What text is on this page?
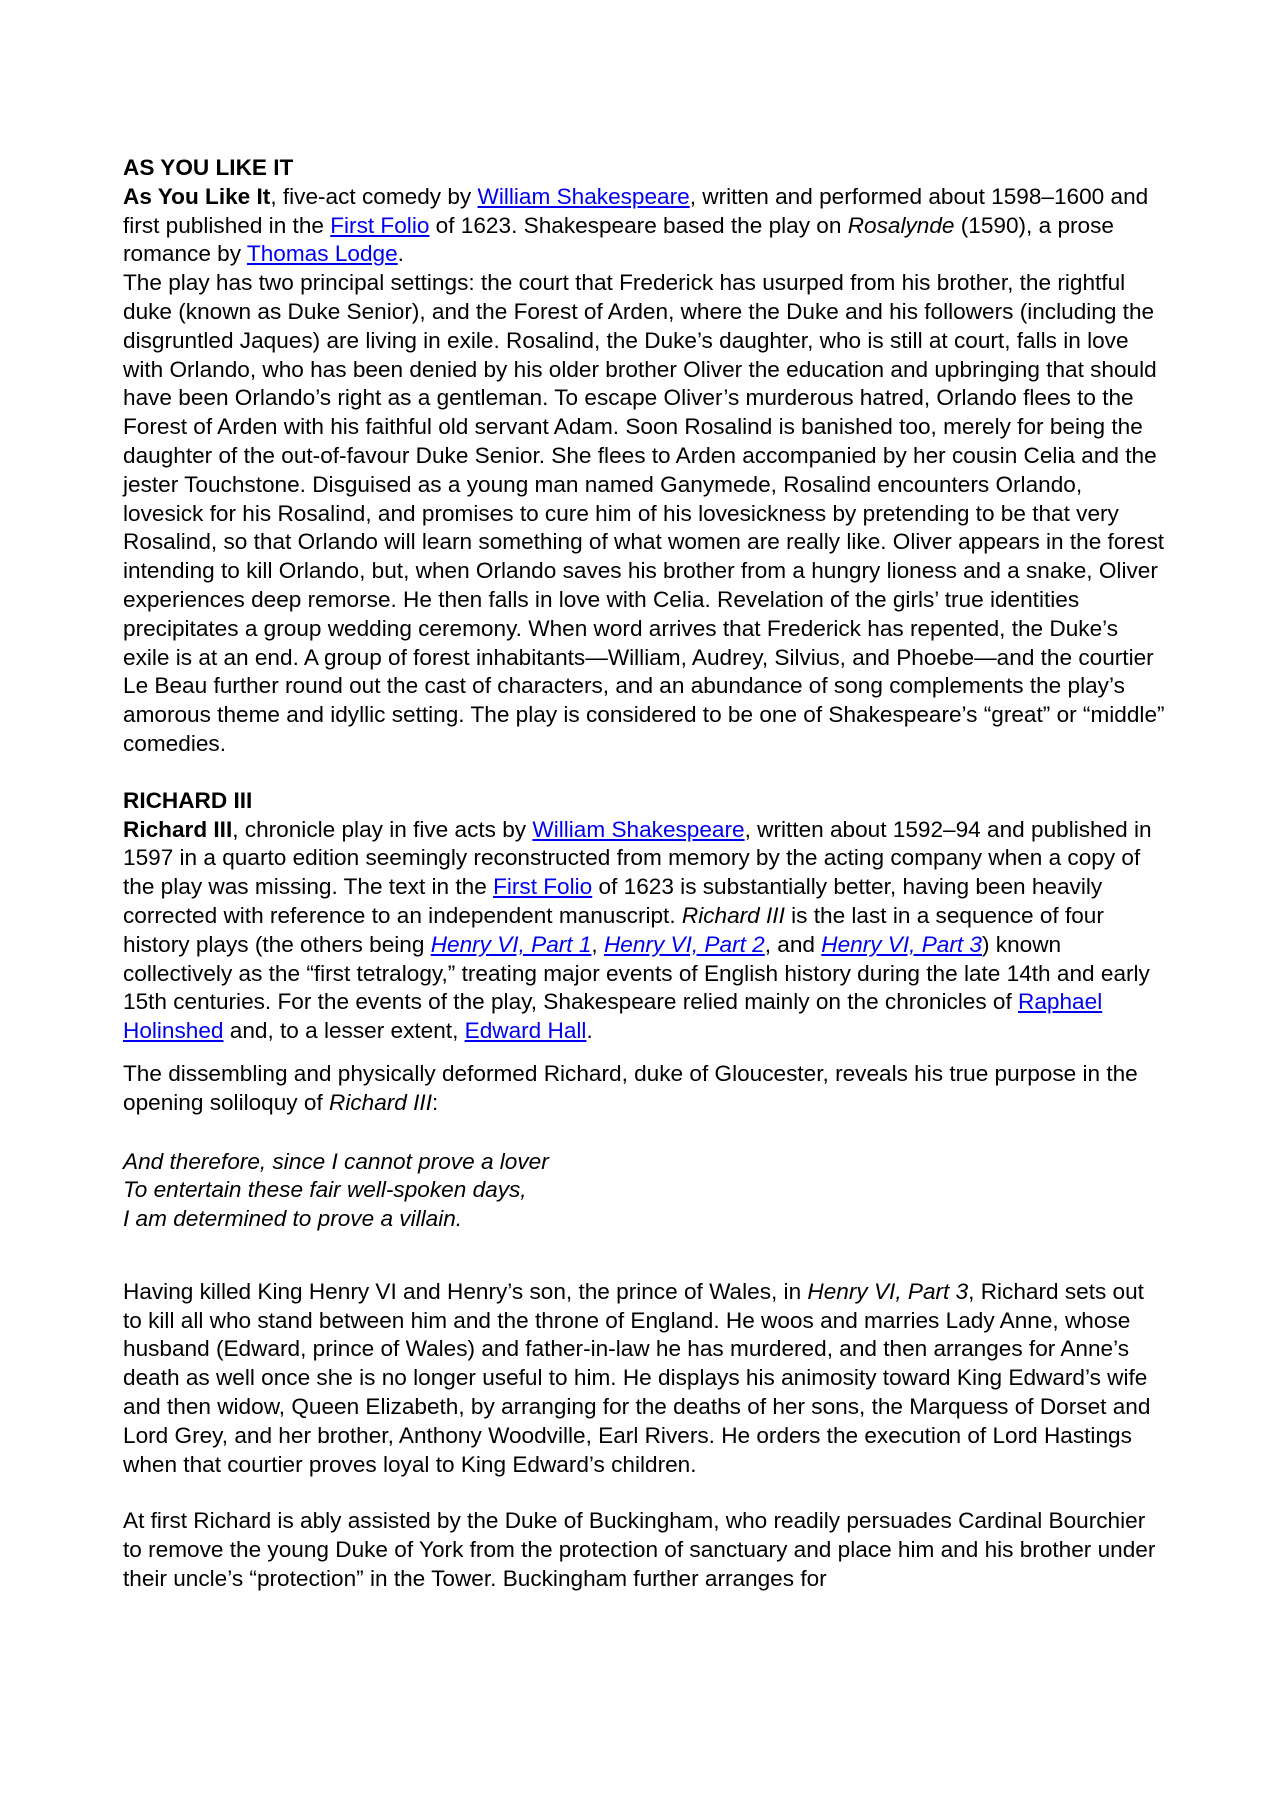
AS YOU LIKE IT

As You Like It, five-act comedy by William Shakespeare, written and performed about 1598–1600 and first published in the First Folio of 1623. Shakespeare based the play on Rosalynde (1590), a prose romance by Thomas Lodge.

The play has two principal settings: the court that Frederick has usurped from his brother, the rightful duke (known as Duke Senior), and the Forest of Arden, where the Duke and his followers (including the disgruntled Jaques) are living in exile. Rosalind, the Duke’s daughter, who is still at court, falls in love with Orlando, who has been denied by his older brother Oliver the education and upbringing that should have been Orlando’s right as a gentleman. To escape Oliver’s murderous hatred, Orlando flees to the Forest of Arden with his faithful old servant Adam. Soon Rosalind is banished too, merely for being the daughter of the out-of-favour Duke Senior. She flees to Arden accompanied by her cousin Celia and the jester Touchstone. Disguised as a young man named Ganymede, Rosalind encounters Orlando, lovesick for his Rosalind, and promises to cure him of his lovesickness by pretending to be that very Rosalind, so that Orlando will learn something of what women are really like. Oliver appears in the forest intending to kill Orlando, but, when Orlando saves his brother from a hungry lioness and a snake, Oliver experiences deep remorse. He then falls in love with Celia. Revelation of the girls’ true identities precipitates a group wedding ceremony. When word arrives that Frederick has repented, the Duke’s exile is at an end. A group of forest inhabitants—William, Audrey, Silvius, and Phoebe—and the courtier Le Beau further round out the cast of characters, and an abundance of song complements the play’s amorous theme and idyllic setting. The play is considered to be one of Shakespeare’s “great” or “middle” comedies.

RICHARD III

Richard III, chronicle play in five acts by William Shakespeare, written about 1592–94 and published in 1597 in a quarto edition seemingly reconstructed from memory by the acting company when a copy of the play was missing. The text in the First Folio of 1623 is substantially better, having been heavily corrected with reference to an independent manuscript. Richard III is the last in a sequence of four history plays (the others being Henry VI, Part 1, Henry VI, Part 2, and Henry VI, Part 3) known collectively as the “first tetralogy,” treating major events of English history during the late 14th and early 15th centuries. For the events of the play, Shakespeare relied mainly on the chronicles of Raphael Holinshed and, to a lesser extent, Edward Hall.

The dissembling and physically deformed Richard, duke of Gloucester, reveals his true purpose in the opening soliloquy of Richard III:

And therefore, since I cannot prove a lover

To entertain these fair well-spoken days,

I am determined to prove a villain.

Having killed King Henry VI and Henry’s son, the prince of Wales, in Henry VI, Part 3, Richard sets out to kill all who stand between him and the throne of England. He woos and marries Lady Anne, whose husband (Edward, prince of Wales) and father-in-law he has murdered, and then arranges for Anne’s death as well once she is no longer useful to him. He displays his animosity toward King Edward’s wife and then widow, Queen Elizabeth, by arranging for the deaths of her sons, the Marquess of Dorset and Lord Grey, and her brother, Anthony Woodville, Earl Rivers. He orders the execution of Lord Hastings when that courtier proves loyal to King Edward’s children.

At first Richard is ably assisted by the Duke of Buckingham, who readily persuades Cardinal Bourchier to remove the young Duke of York from the protection of sanctuary and place him and his brother under their uncle’s “protection” in the Tower. Buckingham further arranges for
